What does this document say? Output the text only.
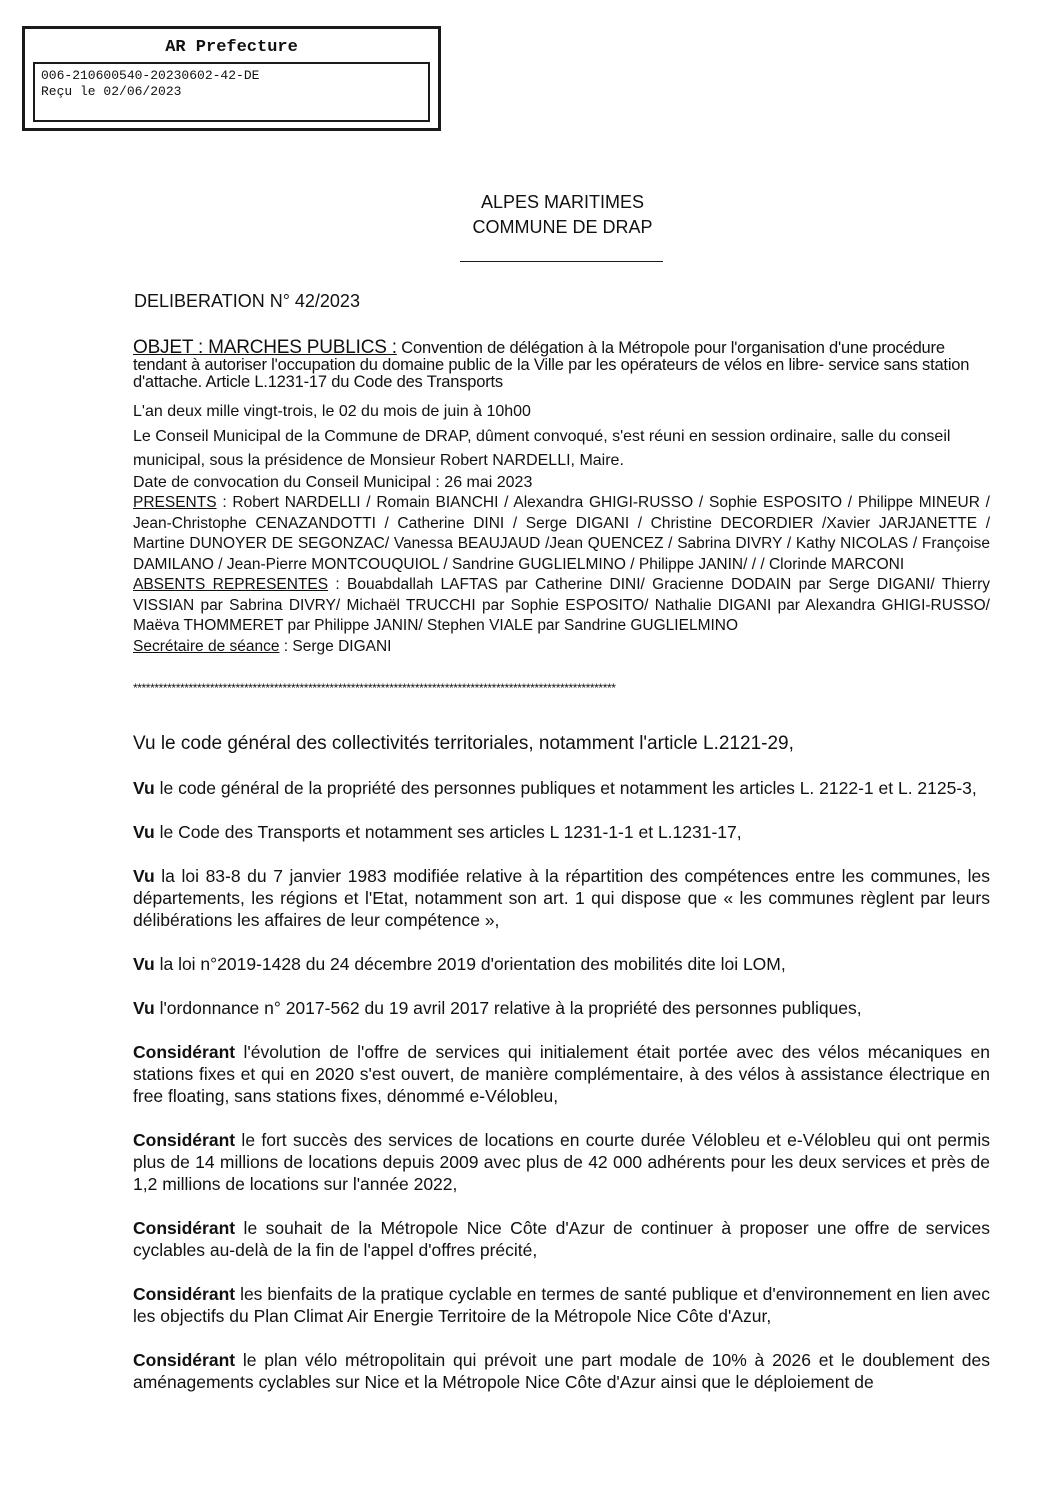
AR Prefecture
006-210600540-20230602-42-DE
Reçu le 02/06/2023
ALPES MARITIMES
COMMUNE DE DRAP
DELIBERATION N° 42/2023
OBJET : MARCHES PUBLICS : Convention de délégation à la Métropole pour l'organisation d'une procédure tendant à autoriser l'occupation du domaine public de la Ville par les opérateurs de vélos en libre- service sans station d'attache. Article L.1231-17 du Code des Transports
L'an deux mille vingt-trois, le 02 du mois de juin à 10h00
Le Conseil Municipal de la Commune de DRAP, dûment convoqué, s'est réuni en session ordinaire, salle du conseil municipal, sous la présidence de Monsieur Robert NARDELLI, Maire.
Date de convocation du Conseil Municipal : 26 mai 2023

PRESENTS : Robert NARDELLI / Romain BIANCHI / Alexandra GHIGI-RUSSO / Sophie ESPOSITO / Philippe MINEUR / Jean-Christophe CENAZANDOTTI / Catherine DINI / Serge DIGANI / Christine DECORDIER /Xavier JARJANETTE / Martine DUNOYER DE SEGONZAC/ Vanessa BEAUJAUD /Jean QUENCEZ / Sabrina DIVRY / Kathy NICOLAS / Françoise DAMILANO / Jean-Pierre MONTCOUQUIOL / Sandrine GUGLIELMINO / Philippe JANIN/ / / Clorinde MARCONI

ABSENTS REPRESENTES : Bouabdallah LAFTAS par Catherine DINI/ Gracienne DODAIN par Serge DIGANI/ Thierry VISSIAN par Sabrina DIVRY/ Michaël TRUCCHI par Sophie ESPOSITO/ Nathalie DIGANI par Alexandra GHIGI-RUSSO/ Maëva THOMMERET par Philippe JANIN/ Stephen VIALE par Sandrine GUGLIELMINO

Secrétaire de séance : Serge DIGANI

*****************************************************************************************************************

Vu le code général des collectivités territoriales, notamment l'article L.2121-29,

Vu le code général de la propriété des personnes publiques et notamment les articles L. 2122-1 et L. 2125-3,

Vu le Code des Transports et notamment ses articles L 1231-1-1 et L.1231-17,

Vu la loi 83-8 du 7 janvier 1983 modifiée relative à la répartition des compétences entre les communes, les départements, les régions et l'Etat, notamment son art. 1 qui dispose que « les communes règlent par leurs délibérations les affaires de leur compétence »,

Vu la loi n°2019-1428 du 24 décembre 2019 d'orientation des mobilités dite loi LOM,

Vu l'ordonnance n° 2017-562 du 19 avril 2017 relative à la propriété des personnes publiques,

Considérant l'évolution de l'offre de services qui initialement était portée avec des vélos mécaniques en stations fixes et qui en 2020 s'est ouvert, de manière complémentaire, à des vélos à assistance électrique en free floating, sans stations fixes, dénommé e-Vélobleu,

Considérant le fort succès des services de locations en courte durée Vélobleu et e-Vélobleu qui ont permis plus de 14 millions de locations depuis 2009 avec plus de 42 000 adhérents pour les deux services et près de 1,2 millions de locations sur l'année 2022,

Considérant le souhait de la Métropole Nice Côte d'Azur de continuer à proposer une offre de services cyclables au-delà de la fin de l'appel d'offres précité,

Considérant les bienfaits de la pratique cyclable en termes de santé publique et d'environnement en lien avec les objectifs du Plan Climat Air Energie Territoire de la Métropole Nice Côte d'Azur,

Considérant le plan vélo métropolitain qui prévoit une part modale de 10% à 2026 et le doublement des aménagements cyclables sur Nice et la Métropole Nice Côte d'Azur ainsi que le déploiement de
